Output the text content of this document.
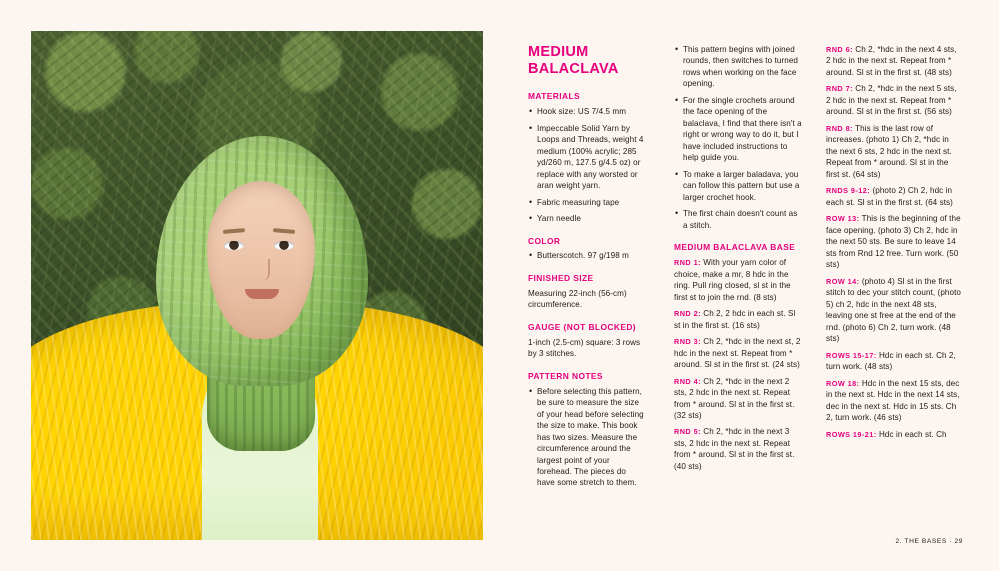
MEDIUM BALACLAVA
MATERIALS
• Hook size: US 7/4.5 mm
• Impeccable Solid Yarn by Loops and Threads, weight 4 medium (100% acrylic; 285 yd/260 m, 127.5 g/4.5 oz) or replace with any worsted or aran weight yarn.
• Fabric measuring tape
• Yarn needle
COLOR
• Butterscotch. 97 g/198 m
FINISHED SIZE

Measuring 22-inch (56-cm) circumference.

GAUGE (NOT BLOCKED)

1-inch (2.5-cm) square: 3 rows by 3 stitches.

PATTERN NOTES
• Before selecting this pattern, be sure to measure the size of your head before selecting the size to make. This book has two sizes. Measure the circumference around the largest point of your forehead. The pieces do have some stretch to them.
• This pattern begins with joined rounds, then switches to turned rows when working on the face opening.
• For the single crochets around the face opening of the balaclava, I find that there isn't a right or wrong way to do it, but I have included instructions to help guide you.
• To make a larger baladava, you can follow this pattern but use a larger crochet hook.
• The first chain doesn't count as a stitch.
MEDIUM BALACLAVA BASE

RND 1: With your yarn color of choice, make a mr, 8 hdc in the ring. Pull ring closed, sl st in the first st to join the rnd. (8 sts)

RND 2: Ch 2, 2 hdc in each st. Sl st in the first st. (16 sts)

RND 3: Ch 2, *hdc in the next st, 2 hdc in the next st. Repeat from * around. Sl st in the first st. (24 sts)

RND 4: Ch 2, *hdc in the next 2 sts, 2 hdc in the next st. Repeat from * around. Sl st in the first st. (32 sts)

RND 5: Ch 2, *hdc in the next 3 sts, 2 hdc in the next st. Repeat from * around. Sl st in the first st. (40 sts)

RND 6: Ch 2, *hdc in the next 4 sts, 2 hdc in the next st. Repeat from * around. Sl st in the first st. (48 sts)

RND 7: Ch 2, *hdc in the next 5 sts, 2 hdc in the next st. Repeat from * around. Sl st in the first st. (56 sts)

RND 8: This is the last row of increases. (photo 1) Ch 2, *hdc in the next 6 sts, 2 hdc in the next st. Repeat from * around. Sl st in the first st. (64 sts)

RNDS 9-12: (photo 2) Ch 2, hdc in each st. Sl st in the first st. (64 sts)

ROW 13: This is the beginning of the face opening. (photo 3) Ch 2, hdc in the next 50 sts. Be sure to leave 14 sts from Rnd 12 free. Turn work. (50 sts)

ROW 14: (photo 4) Sl st in the first stitch to dec your stitch count, (photo 5) ch 2, hdc in the next 48 sts, leaving one st free at the end of the rnd. (photo 6) Ch 2, turn work. (48 sts)

ROWS 15-17: Hdc in each st. Ch 2, turn work. (48 sts)

ROW 18: Hdc in the next 15 sts, dec in the next st. Hdc in the next 14 sts, dec in the next st. Hdc in 15 sts. Ch 2, turn work. (46 sts)

ROWS 19-21: Hdc in each st. Ch

2. THE BASES · 29
